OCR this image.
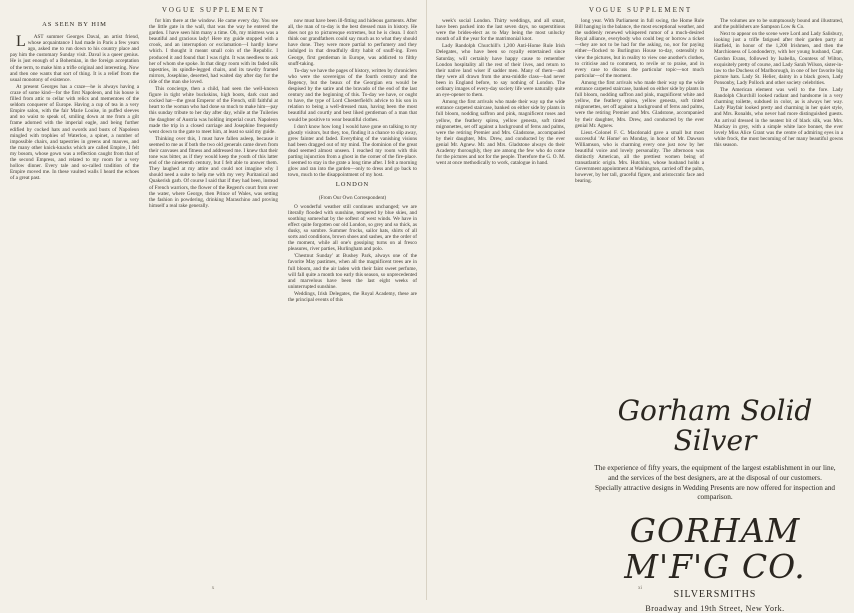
VOGUE SUPPLEMENT	VOGUE SUPPLEMENT

AS SEEN BY HIM

L AST summer Georges Daval, an artist friend, whose acquaintance I had made in Paris a few years ago, asked me to run down to his country place and pay him the customary Sunday visit. Daval is a queer genius. He is just enough of a Bohemian, in the foreign acceptation of the term, to make him a trifle original and interesting. Now and then one wants that sort of thing. It is a relief from the usual monotony of existence.

At present Georges has a craze—he is always having a craze of some kind—for the first Napoleon, and his house is filled from attic to cellar with relics and mementoes of the seldom conquerer of Europe. Having a cup of tea in a very Empire salon, with the fair Marie Louise, in puffed sleeves and no waist to speak of, smiling down at me from a gilt frame adorned with the imperial eagle, and being further edified by cocked hats and swords and busts of Napoleon mingled with trophies of Waterloo, a spinet, a number of impossible chairs, and tapestries in greens and mauves, and the many other knick-knacks which are called Empire, I felt my bosom, whose gown was a reflection caught from that of the second Empress, and related to my room for a very hollow dinner. Every tale and so-called tradition of the Empire moved me. In these vaulted walls I heard the echoes of a great past.

for him there at the window. He came every day. You see the little gate in the wall, that was the way he entered the garden. I have seen him many a time. Oh, my mistress was a beautiful and gracious lady! Here my guide stopped with a crook, and an interruption or exclamation—I hardly knew which. I thought it meant small coin of the Republic. I produced it and found that I was right. It was needless to ask her of whom she spoke. In that dingy room with its faded silk tapestries, its spindle-legged chairs, and its tawdry framed mirrors, Josephine, deserted, had waited day after day for the ride of the man she loved.

This concierge, then a child, had seen the well-known figure in tight white buckskins, high boots, dark coat and cocked hat—the great Emperor of the French, still faithful at heart to the woman who had done so much to make him—pay this sunday tribute to her day after day, while at the Tuileries the daughter of Austria was holding imperial court. Napoleon made the trip in a closed carriage and Josephine frequently went down to the gate to meet him, at least so said my guide.

Thinking over this, I must have fallen asleep, because it seemed to me as if both the two old generals came down from their canvases and fitness and addressed me. I knew that their tone was bitter, as if they would keep the youth of this latter end of the nineteenth century, but I felt able to answer them. They laughed at my attire and could not imagine why I should need a suite to help me with my very Puritanical and Quakerish garb. Of course I said that if they had been, instead of French warriors, the flower of the Regent's court from over the water, where George, then Prince of Wales, was setting the fashion in powdering, drinking Maraschino and proving himself a real rake generally.

now must have been ill-fitting and hideous garments. After all, the man of to-day is the best dressed man in history. He does not go to picturesque extremes, but he is clean. I don't think our grandfathers could say much as to what they should have done. They were more partial to perfumery and they indulged in that dreadfully dirty habit of snuff-ing. Even George, first gentleman in Europe, was addicted to filthy snuff-taking.

To-day we have the pages of history, written by chroniclers who were the sovereigns of the fourth century and the Regency, but the beaux of the Georgian era would be despised by the satire and the bravado of the end of the last century and the beginning of this. To-day we have, or ought to have, the type of Lord Chesterfield's advice to his son in relation to being a well-dressed man, having been the most beautiful and courtly and best liked gentleman of a man that would be positive to wear beautiful clothes.

I don't know how long I would have gone on talking to my ghostly visitors, but they, too, finding it a chance to slip away, grew fainter and faded. Everything of the vanishing visions had been dragged out of my mind. The dominion of the great dead seemed almost unseen. I reached my room with this parting injunction from a ghost in the corner of the fire-place. I seemed to stay in the grate a long time after. I felt a morning glow and ran into the garden—only to dress and go back to town, much to the disappointment of my host.

LONDON

(From Our Own Correspondent)

O wonderful weather still continues unchanged; we are literally flooded with sunshine, tempered by blue skies, and soothing somewhat by the softest of west winds. We have in effect quite forgotten our old London, so grey and so thick, as dusky, so sombre. Summer frocks, sailor hats, shirts of all sorts and conditions, brown shoes and sashes, are the order of the moment, while all one's gossiping turns on al fresco pleasures, river parties, Hurlingham and polo.

'Chestnut Sunday' at Bushey Park, always one of the favorite May pastimes, when all the magnificent trees are in full bloom, and the air laden with their faint sweet perfume, will fall quite a month too early this season, so unprecedented and marvelous have been the last eight weeks of uninterrupted sunshine.

Weddings, Irish Delegates, the Royal Academy, these are the principal events of this

week's social London. Thirty weddings, and all smart, have been packed into the last seven days, no superstitious were the brides-elect as to May being the most unlucky month of all the year for the matrimonial knot.

Lady Randolph Churchill's 1,200 Anti-Home Rule Irish Delegates, who have been so royally entertained since Saturday, will certainly have happy cause to remember London hospitality all the rest of their lives, and return to their native land wiser if sadder men. Many of them—and they were all drawn from the area-middle class—had never been in England before, to say nothing of London. The ordinary images of every-day society life were naturally quite an eye-opener to them.

Among the first arrivals who made their way up the wide entrance carpeted staircase, banked on either side by plants in full bloom, nodding saffron and pink, magnificent roses and yellow, the feathery spirea, yellow genesta, soft tinted mignonettes, set off against a background of ferns and palms, were the retiring Premier and Mrs. Gladstone, accompanied by their daughter, Mrs. Drew, and conducted by the ever genial Mr. Agnew. Mr. and Mrs. Gladstone always do their Academy thoroughly, they are among the few who do come for the pictures and not for the people. Therefore the G. O. M. went at once methodically to work, catalogue in hand.

long year. With Parliament in full swing, the Home Rule Bill hanging in the balance, the most exceptional weather, and the suddenly renewed whispered rumor of a much-desired Royal alliance, everybody who could beg or borrow a ticket—they are not to be had for the asking, no, nor for paying either—flocked to Burlington House to-day, ostensibly to view the pictures, but in reality to view one another's clothes, to criticise and to comment, to revile or to praise, and in every case to discuss the particular topic—not much particular—of the moment.

Among the first arrivals who made their way up the wide entrance carpeted staircase, banked on either side by plants in full bloom, nodding saffron and pink, magnificent white and yellow, the feathery spirea, yellow genesta, soft tinted mignonettes, set off against a background of ferns and palms, were the retiring Premier and Mrs. Gladstone, accompanied by their daughter, Mrs. Drew, and conducted by the ever genial Mr. Agnew.

Lieut.-Colonel F. C. Macdonald gave a small but most successful 'At Home' on Monday, in honor of Mr. Dawson Williamson, who is charming every one just now by her beautiful voice and lovely personality. The afternoon was distinctly American, all the prettiest women being of transatlantic origin. Mrs. Hutchins, whose husband holds a Government appointment at Washington, carried off the palm, however, by her tall, graceful figure, and aristocratic face and bearing.

The volumes are to be sumptuously bound and illustrated, and the publishers are Sampson Low & Co.

Next to appear on the scene were Lord and Lady Salisbury, looking just a trifle fatigued after their garden party at Hatfield, in honor of the 1,200 Irishmen, and then the Marchioness of Londonderry, with her young husband, Capt. Gordon Evans, followed by Isabella, Countess of Wilton, exquisitely pretty of course, and Lady Sarah Wilson, sister-in-law to the Duchess of Marlborough, in one of her favorite big picture hats. Lady St. Helier, dainty in a black gown, Lady Ponsonby, Lady Pollock and other society celebrities.

The American element was well to the fore. Lady Randolph Churchill looked radiant and handsome in a very charming toilette, subdued in color, as is always her way. Lady Playfair looked pretty and charming in her quiet style, and Mrs. Ronalds, who never had more distinguished guests. An arrival dressed in the neatest bit of black silk, was Mrs. Mackay in grey, with a simple white lace bonnet, the ever lovely Miss Alice Grant was the centre of admiring eyes in a white frock, the most becoming of her many beautiful gowns this season.

Gorham Solid Silver
The experience of fifty years, the equipment of the largest establishment in our line, and the services of the best designers, are at the disposal of our customers. Specially attractive designs in Wedding Presents are now offered for inspection and comparison.
GORHAM M'F'G CO.
SILVERSMITHS
Broadway and 19th Street, New York.
x	xi
